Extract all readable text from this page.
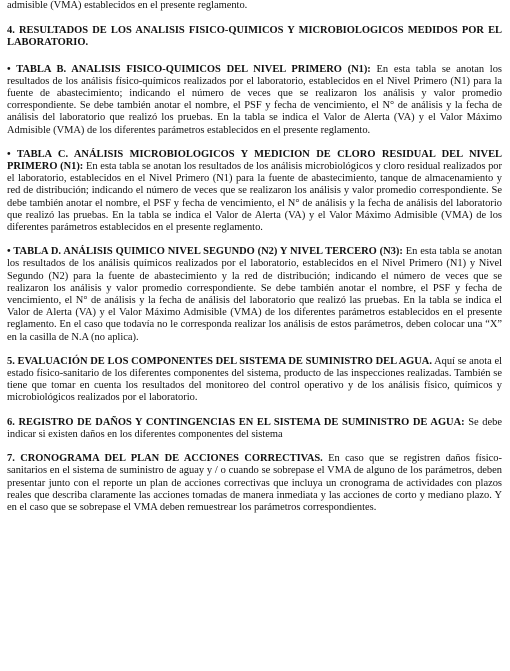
admisible (VMA) establecidos en el presente reglamento.

4. RESULTADOS DE LOS ANALISIS FISICO-QUIMICOS Y MICROBIOLOGICOS MEDIDOS POR EL LABORATORIO.

• TABLA B. ANALISIS FISICO-QUIMICOS DEL NIVEL PRIMERO (N1): En esta tabla se anotan los resultados de los análisis físico-químicos realizados por el laboratorio, establecidos en el Nivel Primero (N1) para la fuente de abastecimiento; indicando el número de veces que se realizaron los análisis y valor promedio correspondiente. Se debe también anotar el nombre, el PSF y fecha de vencimiento, el N° de análisis y la fecha de análisis del laboratorio que realizó los pruebas. En la tabla se indica el Valor de Alerta (VA) y el Valor Máximo Admisible (VMA) de los diferentes parámetros establecidos en el presente reglamento.

• TABLA C. ANÁLISIS MICROBIOLOGICOS Y MEDICION DE CLORO RESIDUAL DEL NIVEL PRIMERO (N1): En esta tabla se anotan los resultados de los análisis microbiológicos y cloro residual realizados por el laboratorio, establecidos en el Nivel Primero (N1) para la fuente de abastecimiento, tanque de almacenamiento y red de distribución; indicando el número de veces que se realizaron los análisis y valor promedio correspondiente. Se debe también anotar el nombre, el PSF y fecha de vencimiento, el N° de análisis y la fecha de análisis del laboratorio que realizó las pruebas. En la tabla se indica el Valor de Alerta (VA) y el Valor Máximo Admisible (VMA) de los diferentes parámetros establecidos en el presente reglamento.

• TABLA D. ANÁLISIS QUIMICO NIVEL SEGUNDO (N2) Y NIVEL TERCERO (N3): En esta tabla se anotan los resultados de los análisis químicos realizados por el laboratorio, establecidos en el Nivel Primero (N1) y Nivel Segundo (N2) para la fuente de abastecimiento y la red de distribución; indicando el número de veces que se realizaron los análisis y valor promedio correspondiente. Se debe también anotar el nombre, el PSF y fecha de vencimiento, el N° de análisis y la fecha de análisis del laboratorio que realizó las pruebas. En la tabla se indica el Valor de Alerta (VA) y el Valor Máximo Admisible (VMA) de los diferentes parámetros establecidos en el presente reglamento. En el caso que todavía no le corresponda realizar los análisis de estos parámetros, deben colocar una “X” en la casilla de N.A (no aplica).

5. EVALUACIÓN DE LOS COMPONENTES DEL SISTEMA DE SUMINISTRO DEL AGUA. Aquí se anota el estado físico-sanitario de los diferentes componentes del sistema, producto de las inspecciones realizadas. También se tiene que tomar en cuenta los resultados del monitoreo del control operativo y de los análisis físico, químicos y microbiológicos realizados por el laboratorio.

6. REGISTRO DE DAÑOS Y CONTINGENCIAS EN EL SISTEMA DE SUMINISTRO DE AGUA: Se debe indicar si existen daños en los diferentes componentes del sistema

7. CRONOGRAMA DEL PLAN DE ACCIONES CORRECTIVAS. En caso que se registren daños físico-sanitarios en el sistema de suministro de aguay y / o cuando se sobrepase el VMA de alguno de los parámetros, deben presentar junto con el reporte un plan de acciones correctivas que incluya un cronograma de actividades con plazos reales que describa claramente las acciones tomadas de manera inmediata y las acciones de corto y mediano plazo. Y en el caso que se sobrepase el VMA deben remuestrear los parámetros correspondientes.
